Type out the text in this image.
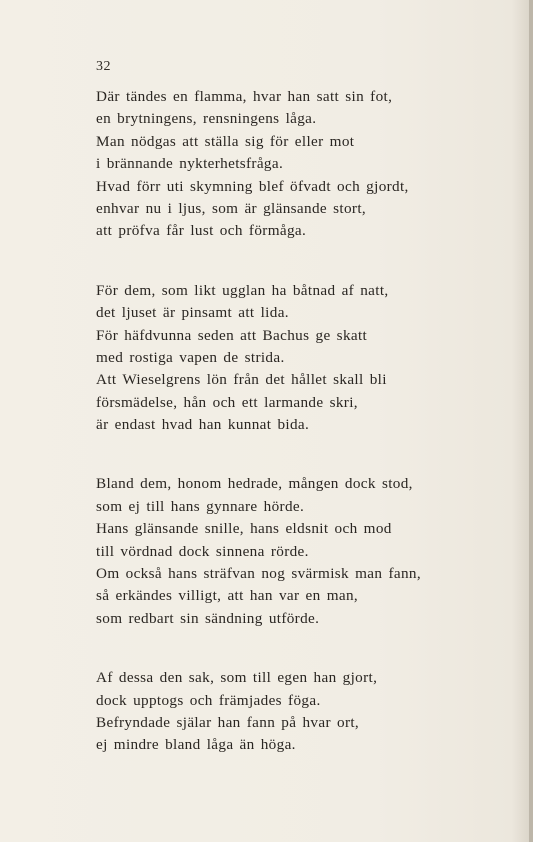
32
Där tändes en flamma, hvar han satt sin fot,
en brytningens, rensningens låga.
Man nödgas att ställa sig för eller mot
i brännande nykterhetsfråga.
Hvad förr uti skymning blef öfvadt och gjordt,
enhvar nu i ljus, som är glänsande stort,
att pröfva får lust och förmåga.
För dem, som likt ugglan ha båtnad af natt,
det ljuset är pinsamt att lida.
För häfdvunna seden att Bachus ge skatt
med rostiga vapen de strida.
Att Wieselgrens lön från det hållet skall bli
försmädelse, hån och ett larmande skri,
är endast hvad han kunnat bida.
Bland dem, honom hedrade, mången dock stod,
som ej till hans gynnare hörde.
Hans glänsande snille, hans eldsnit och mod
till vördnad dock sinnena rörde.
Om också hans sträfvan nog svärmisk man fann,
så erkändes villigt, att han var en man,
som redbart sin sändning utförde.
Af dessa den sak, som till egen han gjort,
dock upptogs och främjades föga.
Befryndade själar han fann på hvar ort,
ej mindre bland låga än höga.
